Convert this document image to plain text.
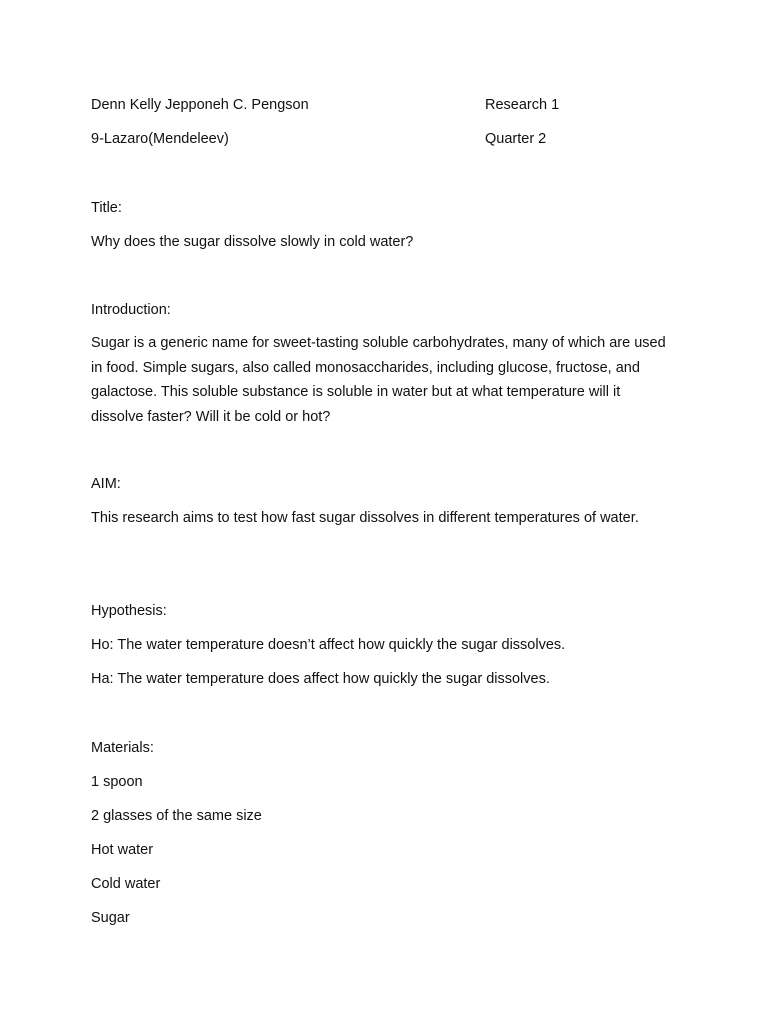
Denn Kelly Jepponeh C. Pengson	Research 1

9-Lazaro(Mendeleev)	Quarter 2

Title:

Why does the sugar dissolve slowly in cold water?

Introduction:

Sugar is a generic name for sweet-tasting soluble carbohydrates, many of which are used in food. Simple sugars, also called monosaccharides, including glucose, fructose, and galactose. This soluble substance is soluble in water but at what temperature will it dissolve faster? Will it be cold or hot?

AIM:

This research aims to test how fast sugar dissolves in different temperatures of water.

Hypothesis:

Ho: The water temperature doesn’t affect how quickly the sugar dissolves.

Ha: The water temperature does affect how quickly the sugar dissolves.

Materials:

1 spoon

2 glasses of the same size

Hot water

Cold water

Sugar
